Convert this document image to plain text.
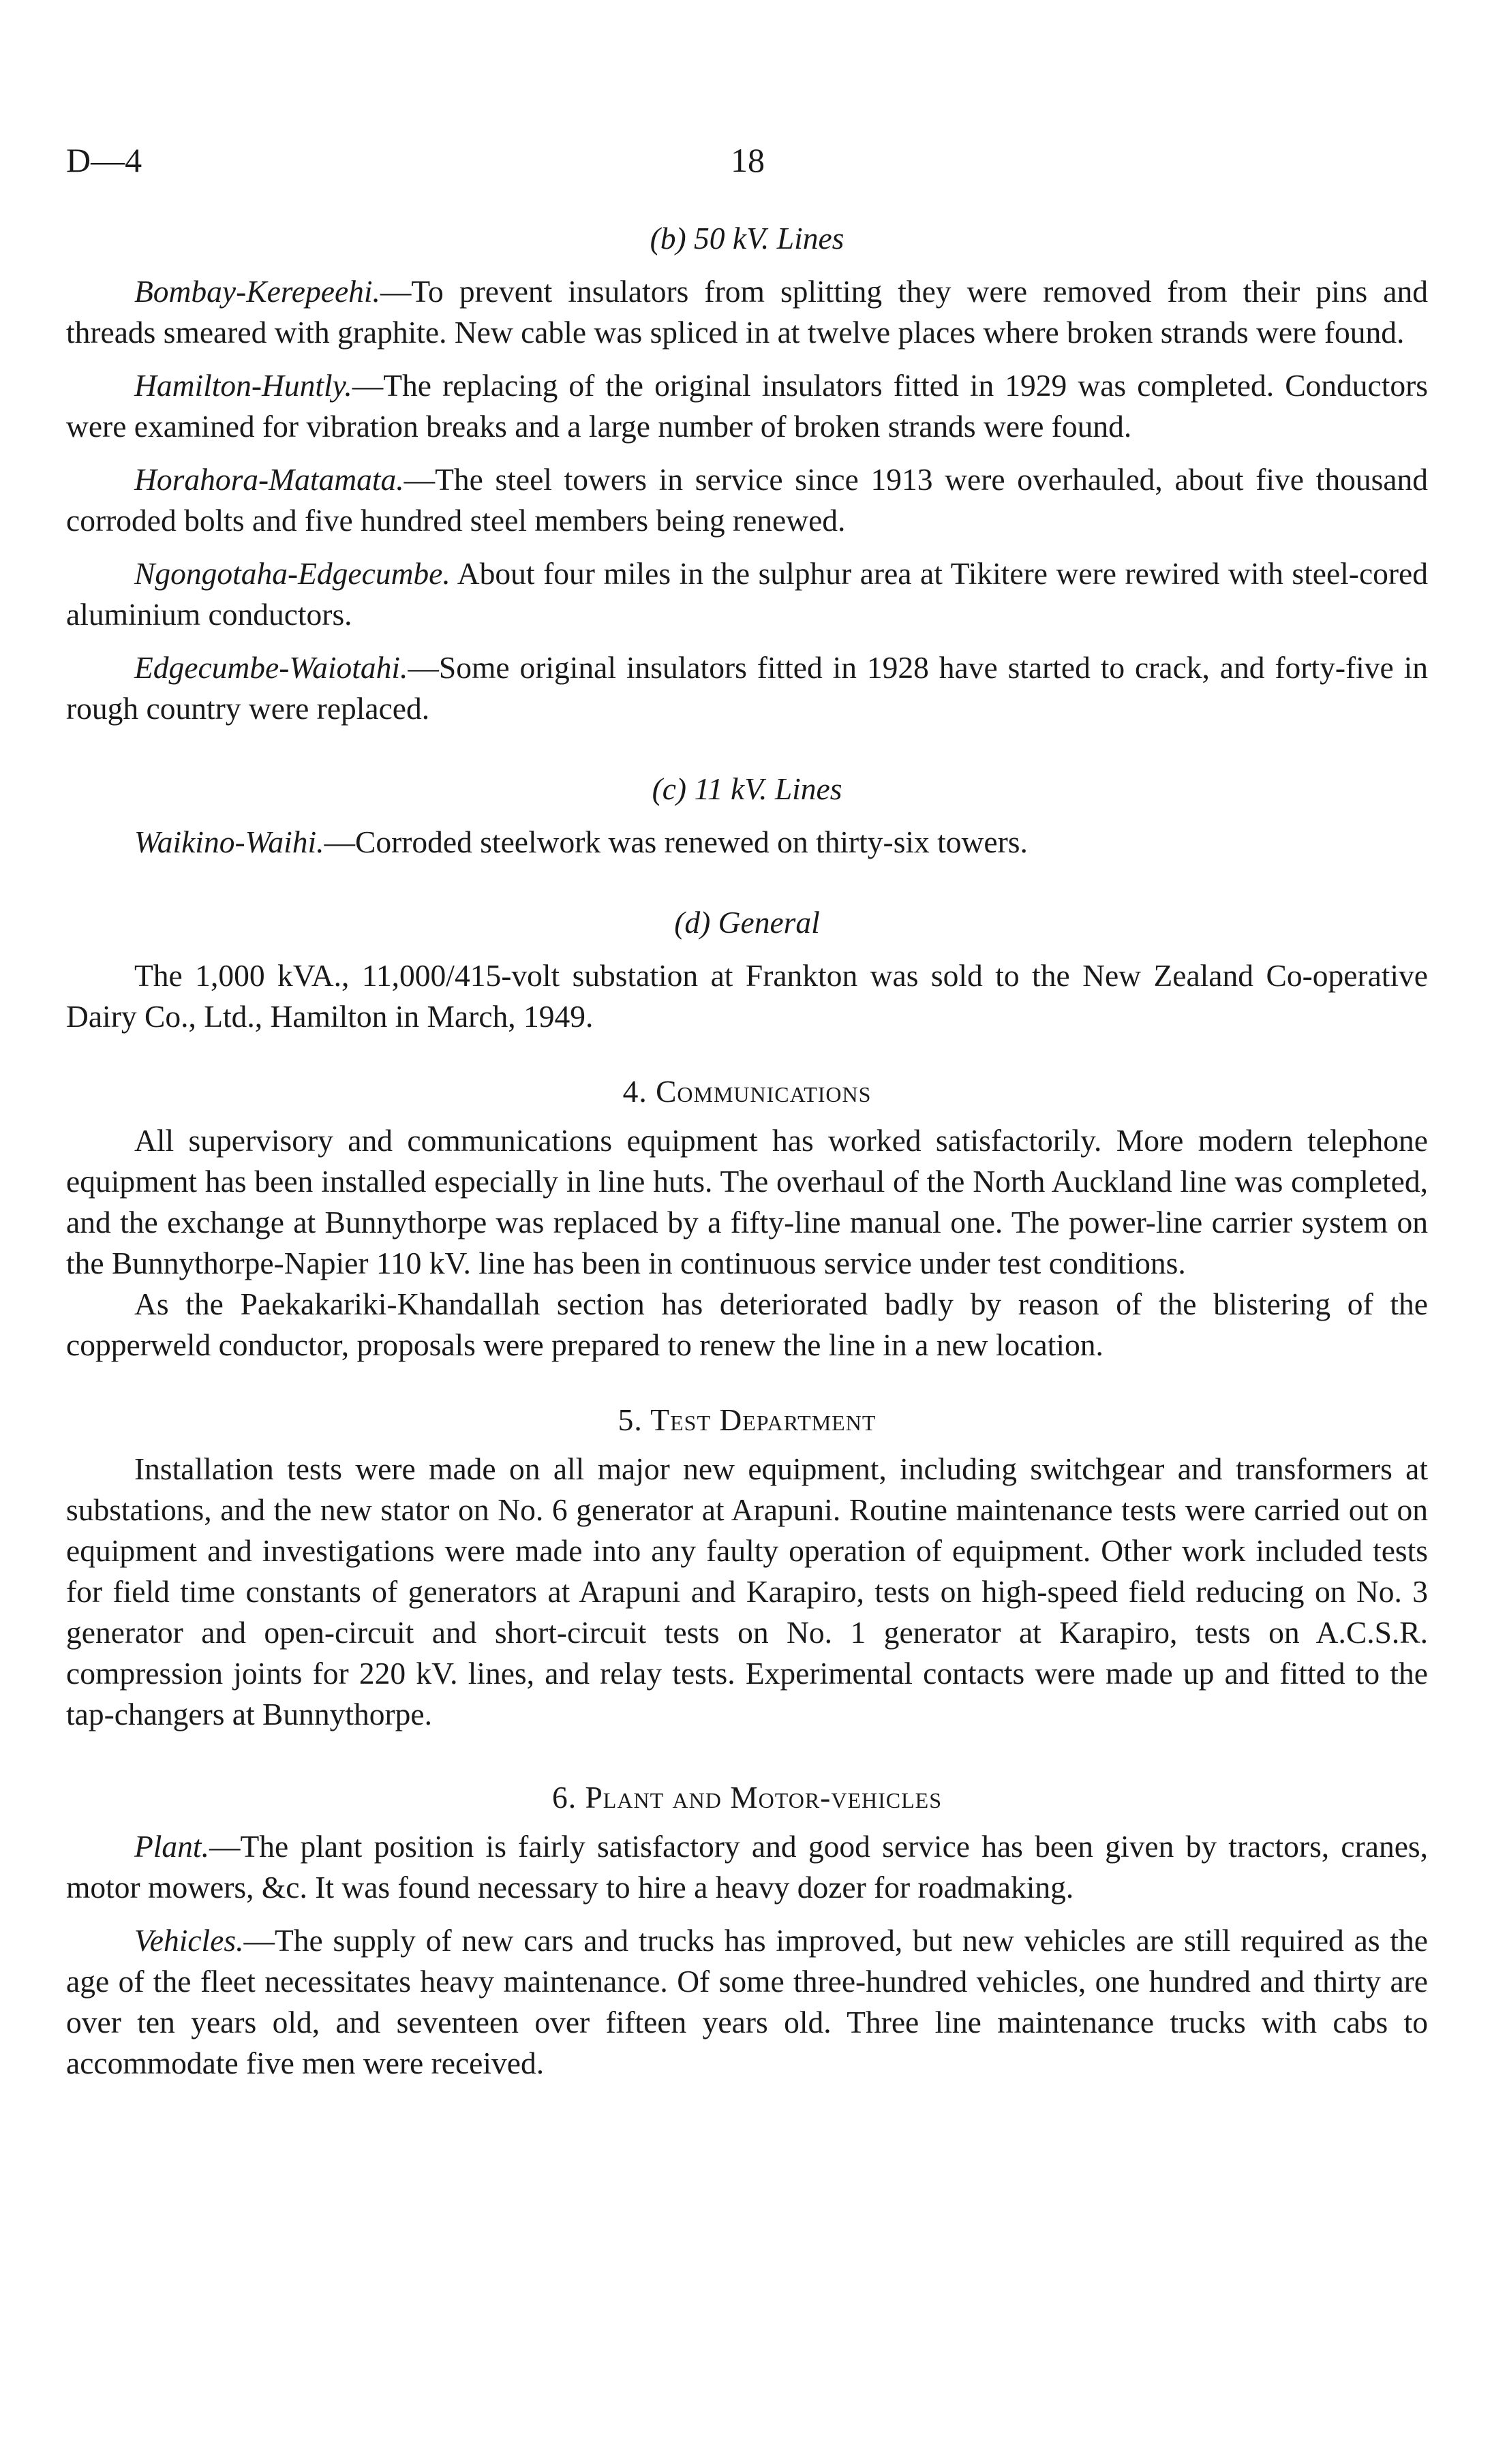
D—4	18
(b) 50 kV. Lines

Bombay-Kerepeehi.—To prevent insulators from splitting they were removed from their pins and threads smeared with graphite. New cable was spliced in at twelve places where broken strands were found.

Hamilton-Huntly.—The replacing of the original insulators fitted in 1929 was completed. Conductors were examined for vibration breaks and a large number of broken strands were found.

Horahora-Matamata.—The steel towers in service since 1913 were overhauled, about five thousand corroded bolts and five hundred steel members being renewed.

Ngongotaha-Edgecumbe. About four miles in the sulphur area at Tikitere were rewired with steel-cored aluminium conductors.

Edgecumbe-Waiotahi.—Some original insulators fitted in 1928 have started to crack, and forty-five in rough country were replaced.

(c) 11 kV. Lines

Waikino-Waihi.—Corroded steelwork was renewed on thirty-six towers.

(d) General

The 1,000 kVA., 11,000/415-volt substation at Frankton was sold to the New Zealand Co-operative Dairy Co., Ltd., Hamilton in March, 1949.

4. Communications

All supervisory and communications equipment has worked satisfactorily. More modern telephone equipment has been installed especially in line huts. The overhaul of the North Auckland line was completed, and the exchange at Bunnythorpe was replaced by a fifty-line manual one. The power-line carrier system on the Bunnythorpe-Napier 110 kV. line has been in continuous service under test conditions.

As the Paekakariki-Khandallah section has deteriorated badly by reason of the blistering of the copperweld conductor, proposals were prepared to renew the line in a new location.

5. Test Department

Installation tests were made on all major new equipment, including switchgear and transformers at substations, and the new stator on No. 6 generator at Arapuni. Routine maintenance tests were carried out on equipment and investigations were made into any faulty operation of equipment. Other work included tests for field time constants of generators at Arapuni and Karapiro, tests on high-speed field reducing on No. 3 generator and open-circuit and short-circuit tests on No. 1 generator at Karapiro, tests on A.C.S.R. compression joints for 220 kV. lines, and relay tests. Experimental contacts were made up and fitted to the tap-changers at Bunnythorpe.

6. Plant and Motor-vehicles

Plant.—The plant position is fairly satisfactory and good service has been given by tractors, cranes, motor mowers, &c. It was found necessary to hire a heavy dozer for roadmaking.

Vehicles.—The supply of new cars and trucks has improved, but new vehicles are still required as the age of the fleet necessitates heavy maintenance. Of some three-hundred vehicles, one hundred and thirty are over ten years old, and seventeen over fifteen years old. Three line maintenance trucks with cabs to accommodate five men were received.
